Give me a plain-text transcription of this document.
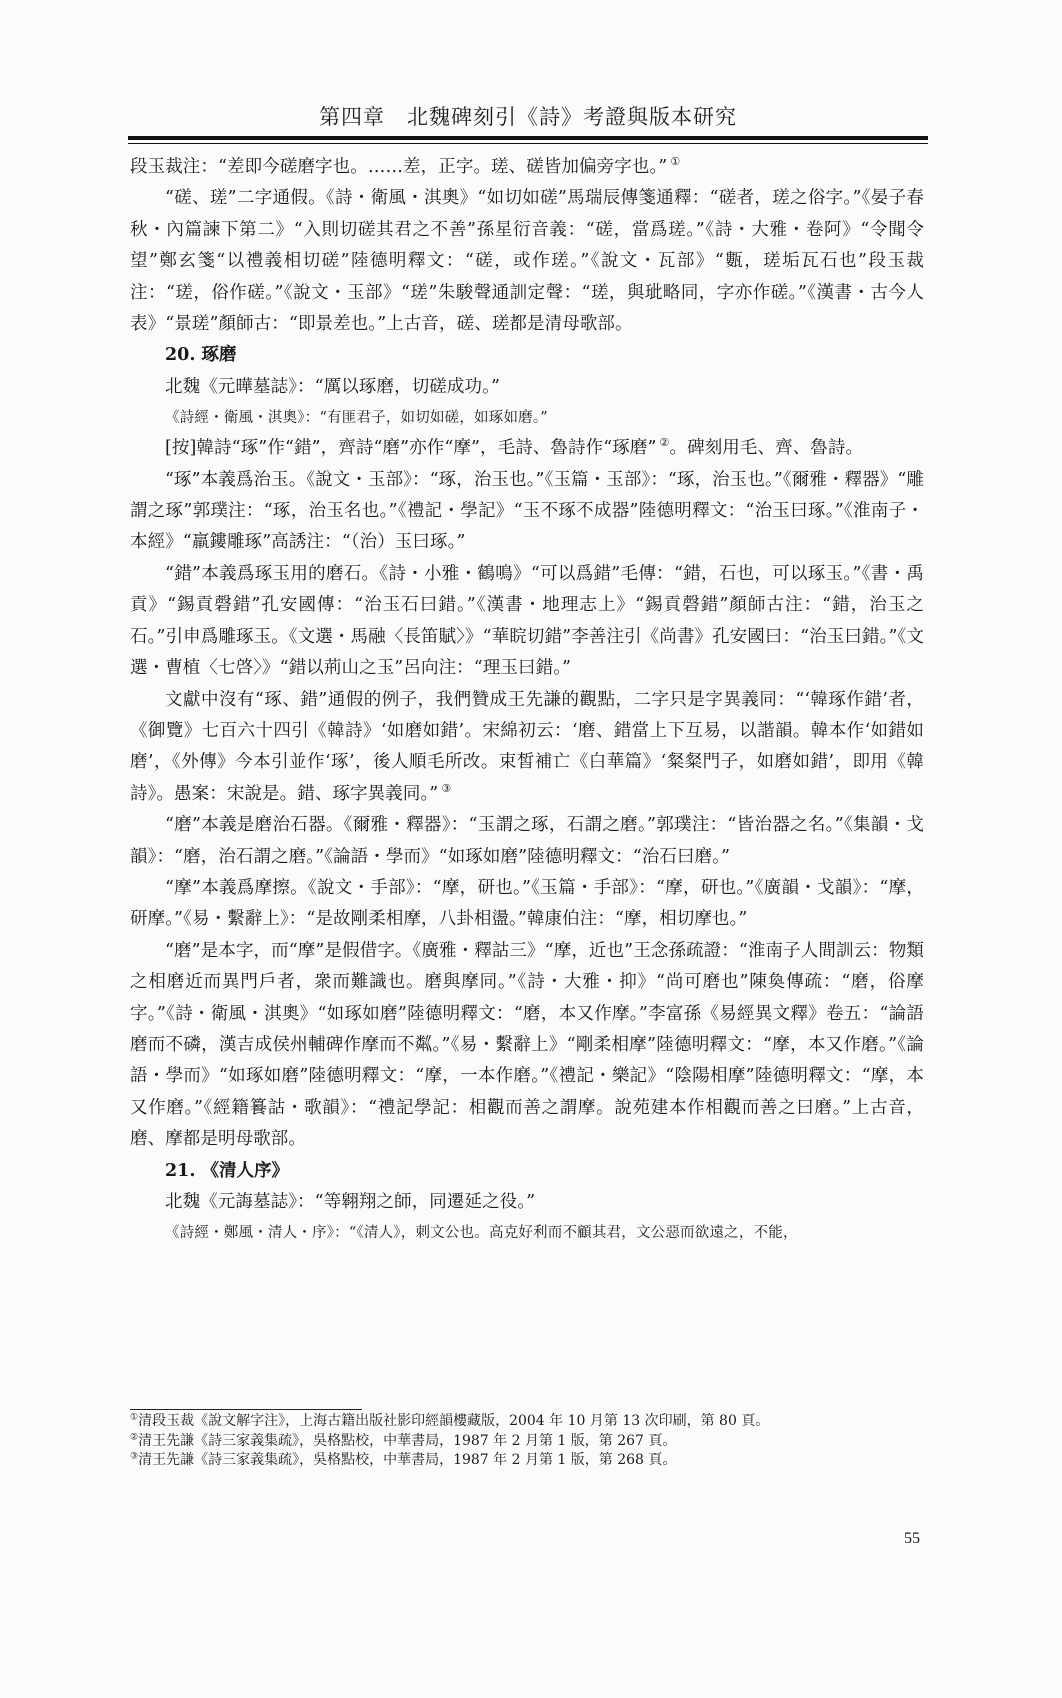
第四章　北魏碑刻引《詩》考證與版本研究

段玉裁注：“差即今磋磨字也。……差，正字。瑳、磋皆加偏旁字也。” ①

“磋、瑳”二字通假。《詩・衛風・淇奧》“如切如磋”馬瑞辰傳箋通釋：“磋者，瑳之俗字。”《晏子春秋・內篇諫下第二》“入則切磋其君之不善”孫星衍音義：“磋，當爲瑳。”《詩・大雅・卷阿》“令聞令望”鄭玄箋“以禮義相切磋”陸德明釋文：“磋，或作瑳。”《說文・瓦部》“甊，瑳垢瓦石也”段玉裁注：“瑳，俗作磋。”《說文・玉部》“瑳”朱駿聲通訓定聲：“瑳，與玼略同，字亦作磋。”《漢書・古今人表》“景瑳”顏師古：“即景差也。”上古音，磋、瑳都是清母歌部。

20. 琢磨

北魏《元曄墓誌》：“厲以琢磨，切磋成功。”

《詩經・衛風・淇奧》：“有匪君子，如切如磋，如琢如磨。”

[按]韓詩“琢”作“錯”，齊詩“磨”亦作“摩”，毛詩、魯詩作“琢磨” ②。碑刻用毛、齊、魯詩。

“琢”本義爲治玉。《說文・玉部》：“琢，治玉也。”《玉篇・玉部》：“琢，治玉也。”《爾雅・釋器》“雕謂之琢”郭璞注：“琢，治玉名也。”《禮記・學記》“玉不琢不成器”陸德明釋文：“治玉曰琢。”《淮南子・本經》“羸鏤雕琢”高誘注：“（治）玉曰琢。”

“錯”本義爲琢玉用的磨石。《詩・小雅・鶴鳴》“可以爲錯”毛傳：“錯，石也，可以琢玉。”《書・禹貢》“錫貢磬錯”孔安國傳：“治玉石曰錯。”《漢書・地理志上》“錫貢磬錯”顏師古注：“錯，治玉之石。”引申爲雕琢玉。《文選・馬融〈長笛賦〉》“華睆切錯”李善注引《尚書》孔安國曰：“治玉曰錯。”《文選・曹植〈七啓〉》“錯以荊山之玉”呂向注：“理玉曰錯。”

文獻中沒有“琢、錯”通假的例子，我們贊成王先謙的觀點，二字只是字異義同：“‘韓琢作錯’者，《御覽》七百六十四引《韓詩》‘如磨如錯’。宋綿初云：‘磨、錯當上下互易，以諧韻。韓本作‘如錯如磨’，《外傳》今本引並作‘琢’，後人順毛所改。束皙補亡《白華篇》‘粲粲門子，如磨如錯’，即用《韓詩》。愚案：宋說是。錯、琢字異義同。” ③

“磨”本義是磨治石器。《爾雅・釋器》：“玉謂之琢，石謂之磨。”郭璞注：“皆治器之名。”《集韻・戈韻》：“磨，治石謂之磨。”《論語・學而》“如琢如磨”陸德明釋文：“治石曰磨。”

“摩”本義爲摩擦。《說文・手部》：“摩，研也。”《玉篇・手部》：“摩，研也。”《廣韻・戈韻》：“摩，研摩。”《易・繫辭上》：“是故剛柔相摩，八卦相盪。”韓康伯注：“摩，相切摩也。”

“磨”是本字，而“摩”是假借字。《廣雅・釋詁三》“摩，近也”王念孫疏證：“淮南子人間訓云：物類之相磨近而異門戶者，衆而難識也。磨與摩同。”《詩・大雅・抑》“尚可磨也”陳奐傳疏：“磨，俗摩字。”《詩・衛風・淇奧》“如琢如磨”陸德明釋文：“磨，本又作摩。”李富孫《易經異文釋》卷五：“論語磨而不磷，漢吉成侯州輔碑作摩而不粼。”《易・繫辭上》“剛柔相摩”陸德明釋文：“摩，本又作磨。”《論語・學而》“如琢如磨”陸德明釋文：“摩，一本作磨。”《禮記・樂記》“陰陽相摩”陸德明釋文：“摩，本又作磨。”《經籍籑詁・歌韻》：“禮記學記：相觀而善之謂摩。說苑建本作相觀而善之曰磨。”上古音，磨、摩都是明母歌部。

21. 《清人序》

北魏《元誨墓誌》：“等翱翔之師，同遷延之役。”

《詩經・鄭風・清人・序》：“《清人》，刺文公也。高克好利而不顧其君，文公惡而欲遠之，不能，

①清段玉裁《說文解字注》，上海古籍出版社影印經韻樓藏版，2004 年 10 月第 13 次印刷，第 80 頁。

②清王先謙《詩三家義集疏》，吳格點校，中華書局，1987 年 2 月第 1 版，第 267 頁。

③清王先謙《詩三家義集疏》，吳格點校，中華書局，1987 年 2 月第 1 版，第 268 頁。

55
